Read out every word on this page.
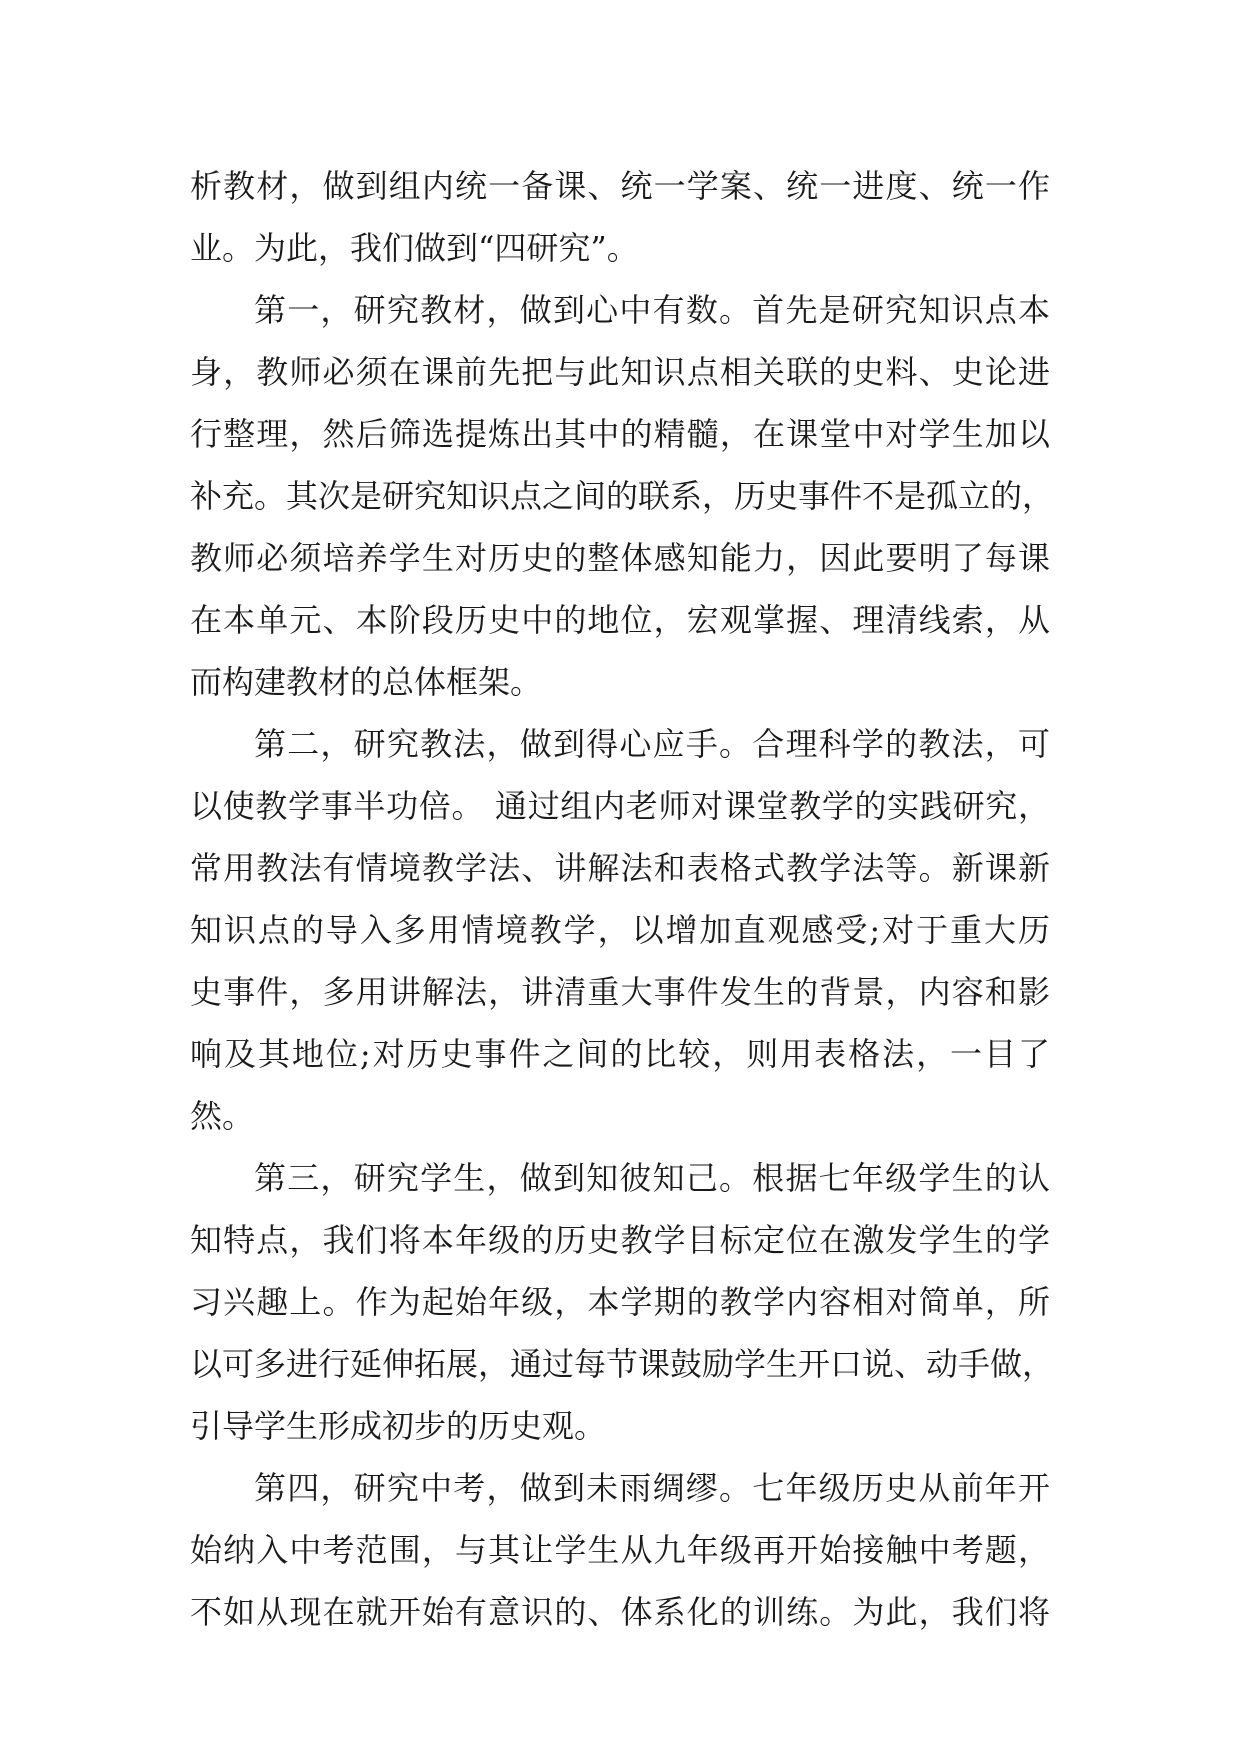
析教材，做到组内统一备课、统一学案、统一进度、统一作
业。为此，我们做到“四研究”。
第一，研究教材，做到心中有数。首先是研究知识点本
身，教师必须在课前先把与此知识点相关联的史料、史论进
行整理，然后筛选提炼出其中的精髓，在课堂中对学生加以
补充。其次是研究知识点之间的联系，历史事件不是孤立的，
教师必须培养学生对历史的整体感知能力，因此要明了每课
在本单元、本阶段历史中的地位，宏观掌握、理清线索，从
而构建教材的总体框架。
第二，研究教法，做到得心应手。合理科学的教法，可
以使教学事半功倍。 通过组内老师对课堂教学的实践研究，
常用教法有情境教学法、讲解法和表格式教学法等。新课新
知识点的导入多用情境教学，以增加直观感受;对于重大历
史事件，多用讲解法，讲清重大事件发生的背景，内容和影
响及其地位;对历史事件之间的比较，则用表格法，一目了
然。
第三，研究学生，做到知彼知己。根据七年级学生的认
知特点，我们将本年级的历史教学目标定位在激发学生的学
习兴趣上。作为起始年级，本学期的教学内容相对简单，所
以可多进行延伸拓展，通过每节课鼓励学生开口说、动手做，
引导学生形成初步的历史观。
第四，研究中考，做到未雨绸缪。七年级历史从前年开
始纳入中考范围，与其让学生从九年级再开始接触中考题，
不如从现在就开始有意识的、体系化的训练。为此，我们将
